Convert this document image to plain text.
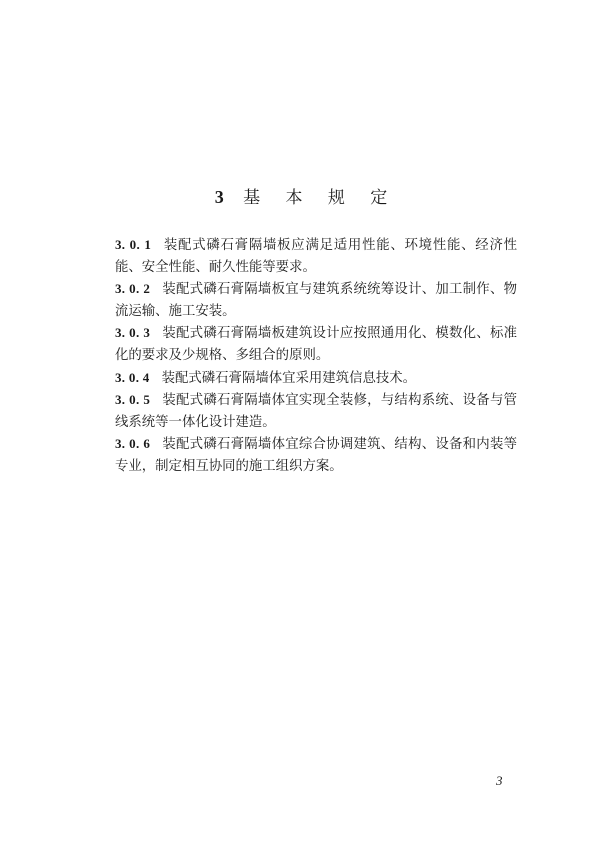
3 基 本 规 定

3. 0. 1 装配式磷石膏隔墙板应满足适用性能、环境性能、经济性能、安全性能、耐久性能等要求。

3. 0. 2 装配式磷石膏隔墙板宜与建筑系统统筹设计、加工制作、物流运输、施工安装。

3. 0. 3 装配式磷石膏隔墙板建筑设计应按照通用化、模数化、标准化的要求及少规格、多组合的原则。

3. 0. 4 装配式磷石膏隔墙体宜采用建筑信息技术。

3. 0. 5 装配式磷石膏隔墙体宜实现全装修，与结构系统、设备与管线系统等一体化设计建造。

3. 0. 6 装配式磷石膏隔墙体宜综合协调建筑、结构、设备和内装等专业，制定相互协同的施工组织方案。

3
